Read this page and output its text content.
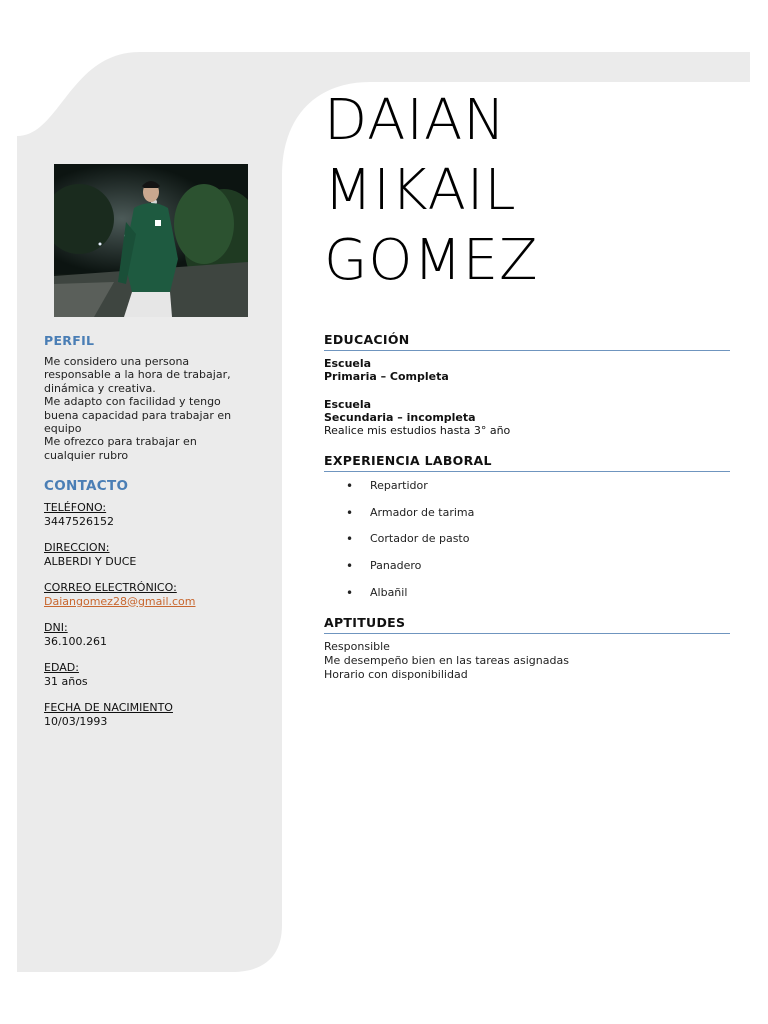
DAIAN
MIKAIL
GOMEZ
PERFIL
Me considero una persona
responsable a la hora de trabajar,
dinámica y creativa.
Me adapto con facilidad y tengo
buena capacidad para trabajar en
equipo
Me ofrezco para trabajar en
cualquier rubro
CONTACTO
TELÉFONO:
3447526152
DIRECCION:
ALBERDI Y DUCE
CORREO ELECTRÓNICO:
Daiangomez28@gmail.com
DNI:
36.100.261
EDAD:
31 años
FECHA DE NACIMIENTO
10/03/1993
EDUCACIÓN
Escuela
Primaria – Completa
Escuela
Secundaria – incompleta
Realice mis estudios hasta 3° año
EXPERIENCIA LABORAL
• Repartidor
• Armador de tarima
• Cortador de pasto
• Panadero
• Albañil
APTITUDES
Responsible
Me desempeño bien en las tareas asignadas
Horario con disponibilidad
